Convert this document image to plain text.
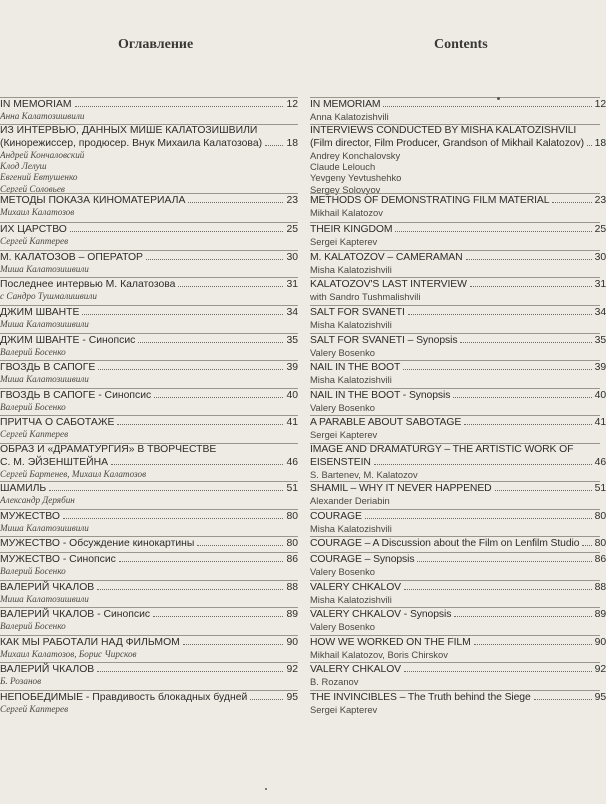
Оглавление
IN MEMORIAM	12
Анна Калатозишвили
ИЗ ИНТЕРВЬЮ, ДАННЫХ МИШЕ КАЛАТОЗИШВИЛИ
(Кинорежиссер, продюсер. Внук Михаила Калатозова) 18
Андрей Кончаловский
Клод Лелуш
Евгений Евтушенко
Сергей Соловьев
МЕТОДЫ ПОКАЗА КИНОМАТЕРИАЛА	23
Михаил Калатозов
ИХ ЦАРСТВО	25
Сергей Каптерев
М. КАЛАТОЗОВ – ОПЕРАТОР	30
Миша Калатозишвили
Последнее интервью М. Калатозова	31
с Сандро Тушмалишвили
ДЖИМ ШВАНТЕ	34
Миша Калатозишвили
ДЖИМ ШВАНТЕ - Синопсис	35
Валерий Босенко
ГВОЗДЬ В САПОГЕ	39
Миша Калатозишвили
ГВОЗДЬ В САПОГЕ - Синопсис	40
Валерий Босенко
ПРИТЧА О САБОТАЖЕ	41
Сергей Каптерев
ОБРАЗ И «ДРАМАТУРГИЯ» В ТВОРЧЕСТВЕ
С. М. ЭЙЗЕНШТЕЙНА	46
Сергей Бартенев, Михаил Калатозов
ШАМИЛЬ	51
Александр Дерябин
МУЖЕСТВО	80
Миша Калатозишвили
МУЖЕСТВО - Обсуждение кинокартины	80
МУЖЕСТВО - Синопсис	86
Валерий Босенко
ВАЛЕРИЙ ЧКАЛОВ	88
Миша Калатозишвили
ВАЛЕРИЙ ЧКАЛОВ - Синопсис	89
Валерий Босенко
КАК МЫ РАБОТАЛИ НАД ФИЛЬМОМ	90
Михаил Калатозов, Борис Чирсков
ВАЛЕРИЙ ЧКАЛОВ	92
Б. Розанов
НЕПОБЕДИМЫЕ - Правдивость блокадных будней	95
Сергей Каптерев
Contents
IN MEMORIAM	12
Anna Kalatozishvili
INTERVIEWS CONDUCTED BY MISHA KALATOZISHVILI
(Film director, Film Producer, Grandson of Mikhail Kalatozov) 18
Andrey Konchalovsky
Claude Lelouch
Yevgeny Yevtushehko
Sergey Solovyov
METHODS OF DEMONSTRATING FILM MATERIAL	23
Mikhail Kalatozov
THEIR KINGDOM	25
Sergei Kapterev
M. KALATOZOV – CAMERAMAN	30
Misha Kalatozishvili
KALATOZOV'S LAST INTERVIEW	31
with Sandro Tushmalishvili
SALT FOR SVANETI	34
Misha Kalatozishvili
SALT FOR SVANETI – Synopsis	35
Valery Bosenko
NAIL IN THE BOOT	39
Misha Kalatozishvili
NAIL IN THE BOOT - Synopsis	40
Valery Bosenko
A PARABLE ABOUT SABOTAGE	41
Sergei Kapterev
IMAGE AND DRAMATURGY – THE ARTISTIC WORK OF
EISENSTEIN	46
S. Bartenev, M. Kalatozov
SHAMIL – WHY IT NEVER HAPPENED	51
Alexander Deriabin
COURAGE	80
Misha Kalatozishvili
COURAGE – A Discussion about the Film on Lenfilm Studio 80
COURAGE – Synopsis	86
Valery Bosenko
VALERY CHKALOV	88
Misha Kalatozishvili
VALERY CHKALOV - Synopsis	89
Valery Bosenko
HOW WE WORKED ON THE FILM	90
Mikhail Kalatozov, Boris Chirskov
VALERY CHKALOV	92
B. Rozanov
THE INVINCIBLES – The Truth behind the Siege	95
Sergei Kapterev
